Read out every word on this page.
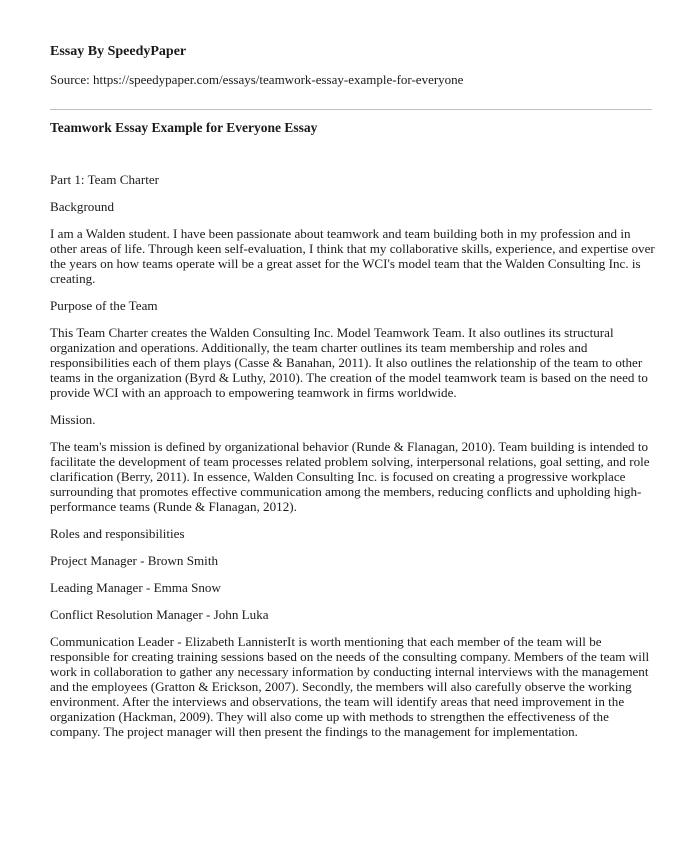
Essay By SpeedyPaper
Source: https://speedypaper.com/essays/teamwork-essay-example-for-everyone
Teamwork Essay Example for Everyone Essay

Part 1: Team Charter

Background

I am a Walden student. I have been passionate about teamwork and team building both in my profession and in other areas of life. Through keen self-evaluation, I think that my collaborative skills, experience, and expertise over the years on how teams operate will be a great asset for the WCI's model team that the Walden Consulting Inc. is creating.

Purpose of the Team

This Team Charter creates the Walden Consulting Inc. Model Teamwork Team. It also outlines its structural organization and operations. Additionally, the team charter outlines its team membership and roles and responsibilities each of them plays (Casse & Banahan, 2011). It also outlines the relationship of the team to other teams in the organization (Byrd & Luthy, 2010). The creation of the model teamwork team is based on the need to provide WCI with an approach to empowering teamwork in firms worldwide.

Mission.

The team's mission is defined by organizational behavior (Runde & Flanagan, 2010). Team building is intended to facilitate the development of team processes related problem solving, interpersonal relations, goal setting, and role clarification (Berry, 2011). In essence, Walden Consulting Inc. is focused on creating a progressive workplace surrounding that promotes effective communication among the members, reducing conflicts and upholding high-performance teams (Runde & Flanagan, 2012).

Roles and responsibilities

Project Manager - Brown Smith

Leading Manager - Emma Snow

Conflict Resolution Manager - John Luka

Communication Leader - Elizabeth LannisterIt is worth mentioning that each member of the team will be responsible for creating training sessions based on the needs of the consulting company. Members of the team will work in collaboration to gather any necessary information by conducting internal interviews with the management and the employees (Gratton & Erickson, 2007). Secondly, the members will also carefully observe the working environment. After the interviews and observations, the team will identify areas that need improvement in the organization (Hackman, 2009). They will also come up with methods to strengthen the effectiveness of the company. The project manager will then present the findings to the management for implementation.
